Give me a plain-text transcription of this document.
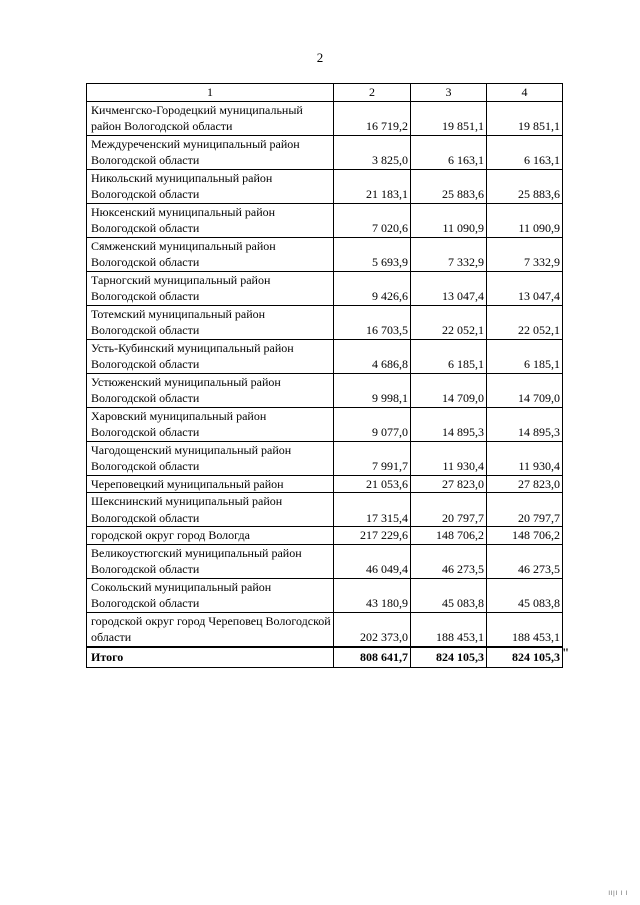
2
1	2	3	4
Кичменгско-Городецкий муниципальный район Вологодской области	16 719,2	19 851,1	19 851,1
Междуреченский муниципальный район Вологодской области	3 825,0	6 163,1	6 163,1
Никольский муниципальный район Вологодской области	21 183,1	25 883,6	25 883,6
Нюксенский муниципальный район Вологодской области	7 020,6	11 090,9	11 090,9
Сямженский муниципальный район Вологодской области	5 693,9	7 332,9	7 332,9
Тарногский муниципальный район Вологодской области	9 426,6	13 047,4	13 047,4
Тотемский муниципальный район Вологодской области	16 703,5	22 052,1	22 052,1
Усть-Кубинский муниципальный район Вологодской области	4 686,8	6 185,1	6 185,1
Устюженский муниципальный район Вологодской области	9 998,1	14 709,0	14 709,0
Харовский муниципальный район Вологодской области	9 077,0	14 895,3	14 895,3
Чагодощенский муниципальный район Вологодской области	7 991,7	11 930,4	11 930,4
Череповецкий муниципальный район	21 053,6	27 823,0	27 823,0
Шекснинский муниципальный район Вологодской области	17 315,4	20 797,7	20 797,7
городской округ город Вологда	217 229,6	148 706,2	148 706,2
Великоустюгский муниципальный район Вологодской области	46 049,4	46 273,5	46 273,5
Сокольский муниципальный район Вологодской области	43 180,9	45 083,8	45 083,8
городской округ город Череповец Вологодской области	202 373,0	188 453,1	188 453,1
Итого	808 641,7	824 105,3	824 105,3 "
ll|l l l
